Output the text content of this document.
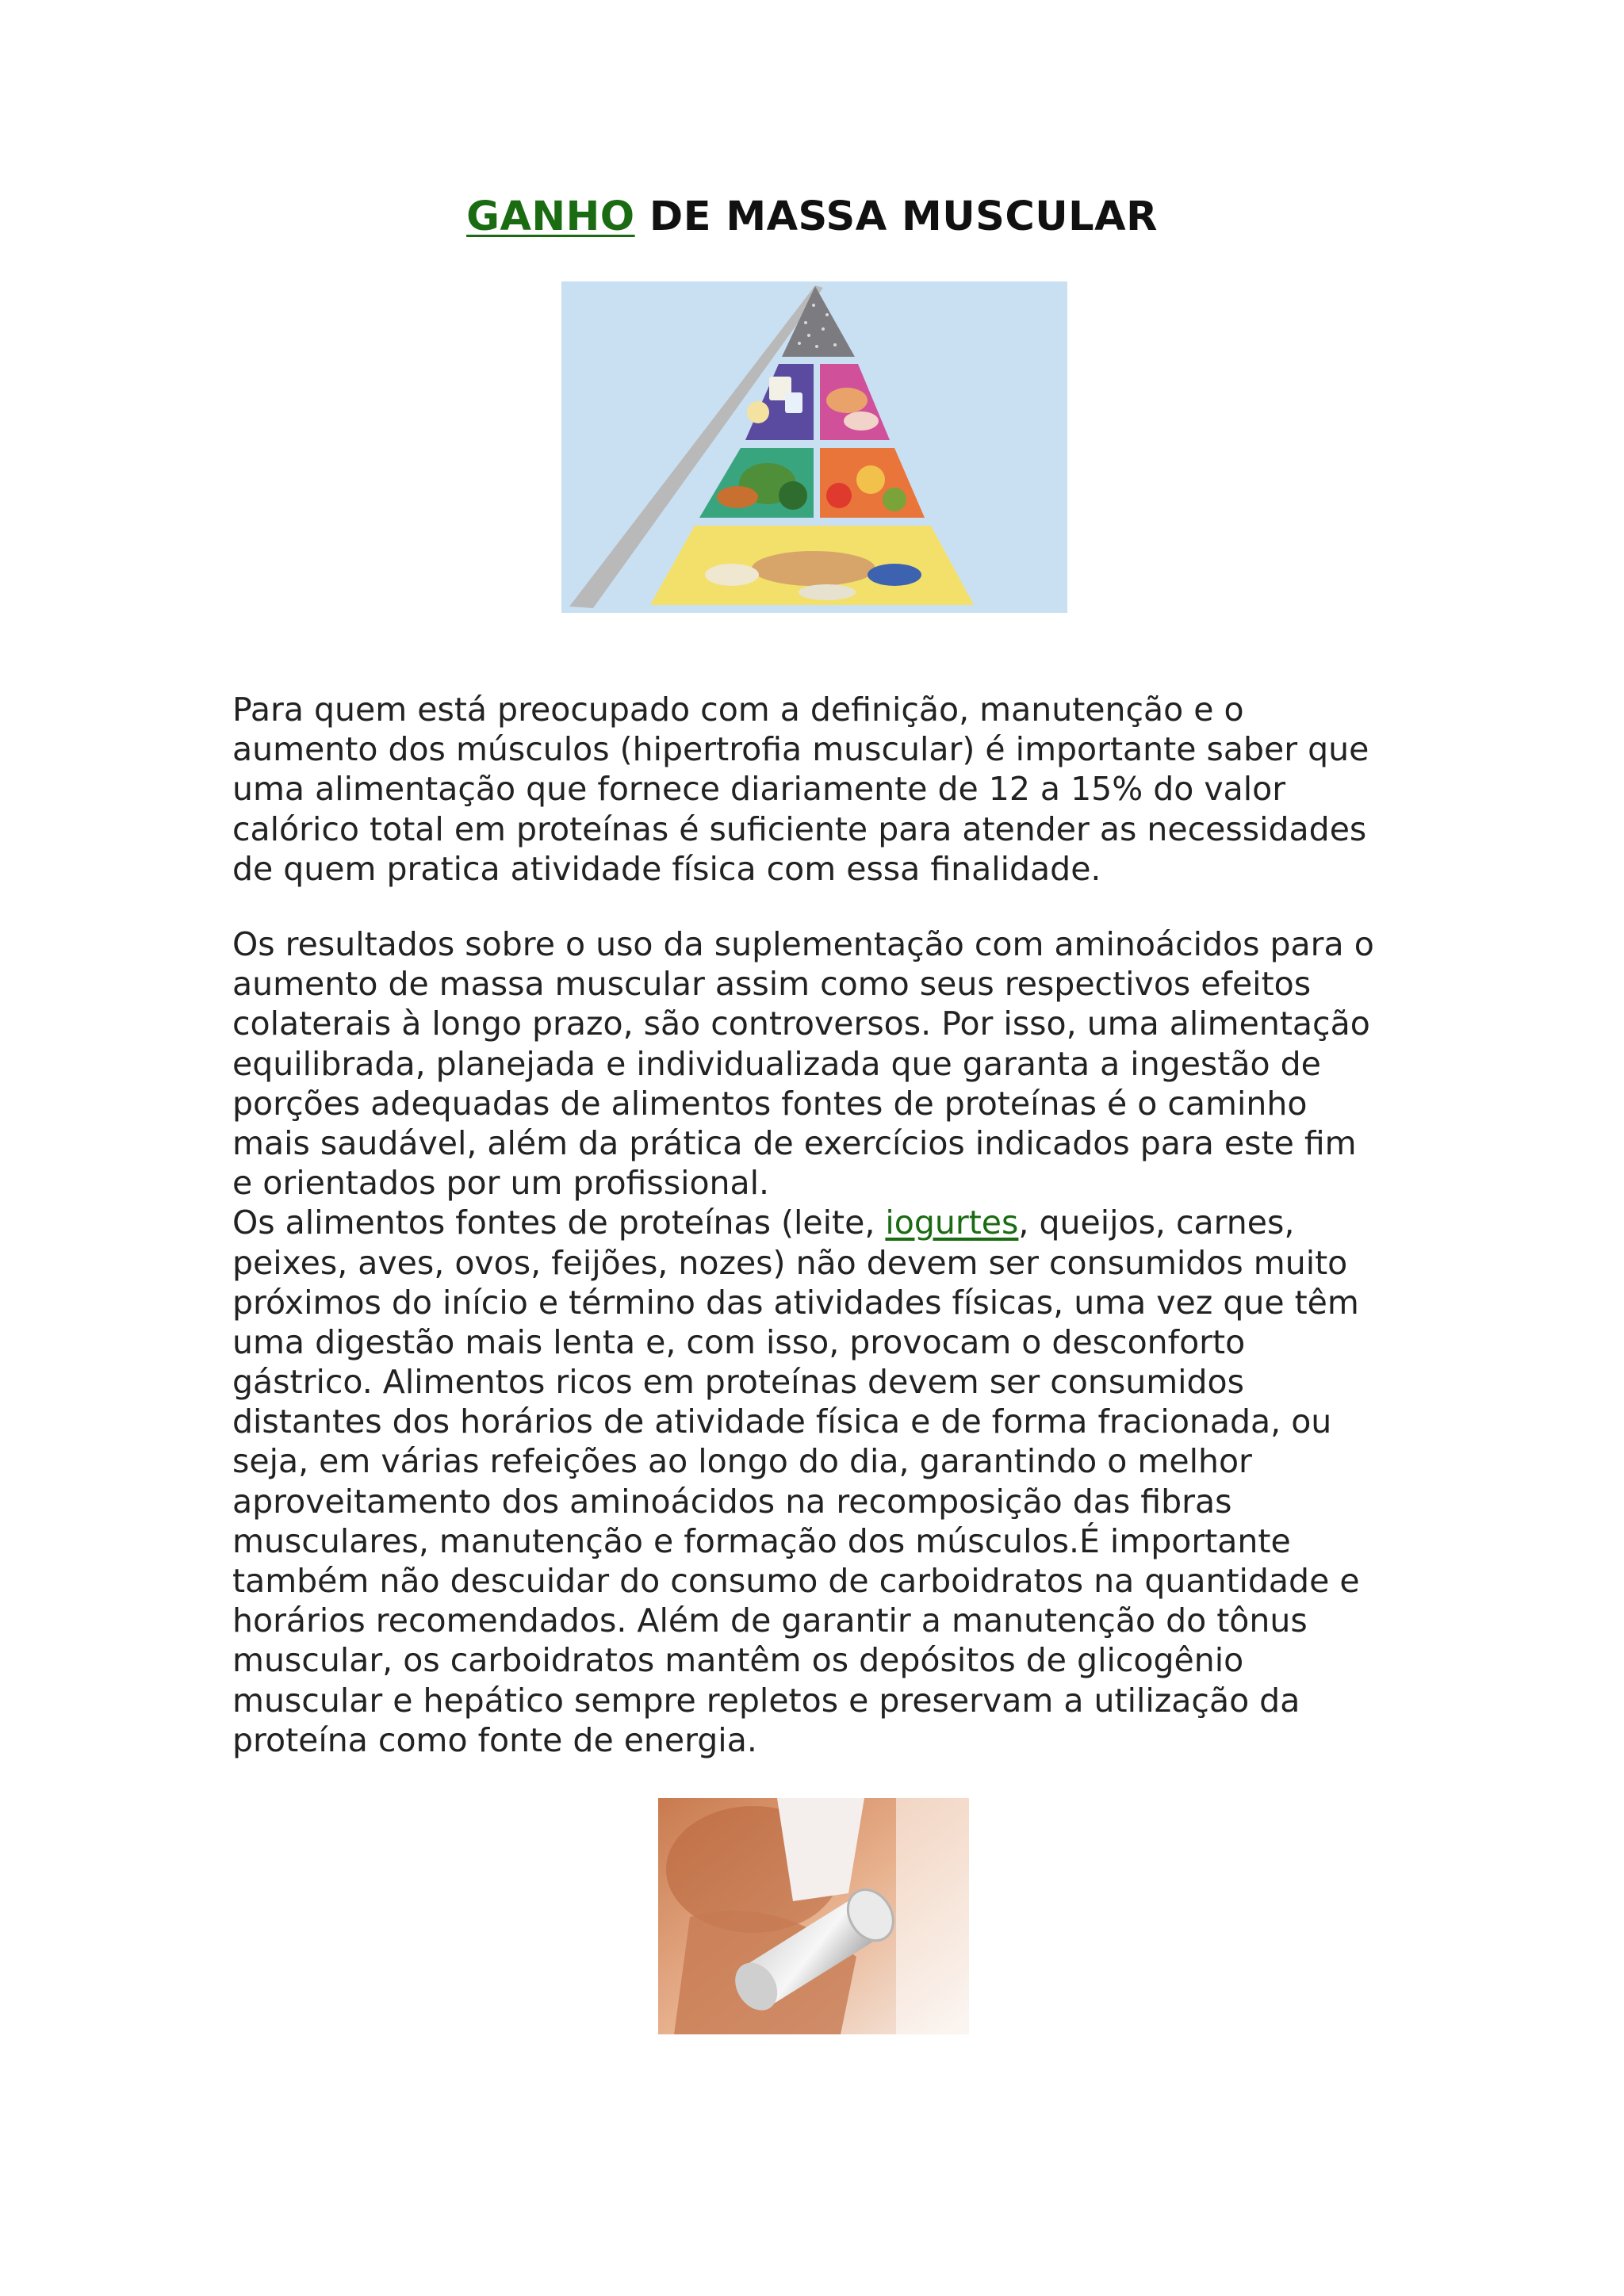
GANHO DE MASSA MUSCULAR
Para quem está preocupado com a definição, manutenção e o
aumento dos músculos (hipertrofia muscular) é importante saber que
uma alimentação que fornece diariamente de 12 a 15% do valor
calórico total em proteínas é suficiente para atender as necessidades
de quem pratica atividade física com essa finalidade.
Os resultados sobre o uso da suplementação com aminoácidos para o
aumento de massa muscular assim como seus respectivos efeitos
colaterais à longo prazo, são controversos. Por isso, uma alimentação
equilibrada, planejada e individualizada que garanta a ingestão de
porções adequadas de alimentos fontes de proteínas é o caminho
mais saudável, além da prática de exercícios indicados para este fim
e orientados por um profissional.
Os alimentos fontes de proteínas (leite, iogurtes, queijos, carnes,
peixes, aves, ovos, feijões, nozes) não devem ser consumidos muito
próximos do início e término das atividades físicas, uma vez que têm
uma digestão mais lenta e, com isso, provocam o desconforto
gástrico. Alimentos ricos em proteínas devem ser consumidos
distantes dos horários de atividade física e de forma fracionada, ou
seja, em várias refeições ao longo do dia, garantindo o melhor
aproveitamento dos aminoácidos na recomposição das fibras
musculares, manutenção e formação dos músculos.É importante
também não descuidar do consumo de carboidratos na quantidade e
horários recomendados. Além de garantir a manutenção do tônus
muscular, os carboidratos mantêm os depósitos de glicogênio
muscular e hepático sempre repletos e preservam a utilização da
proteína como fonte de energia.
